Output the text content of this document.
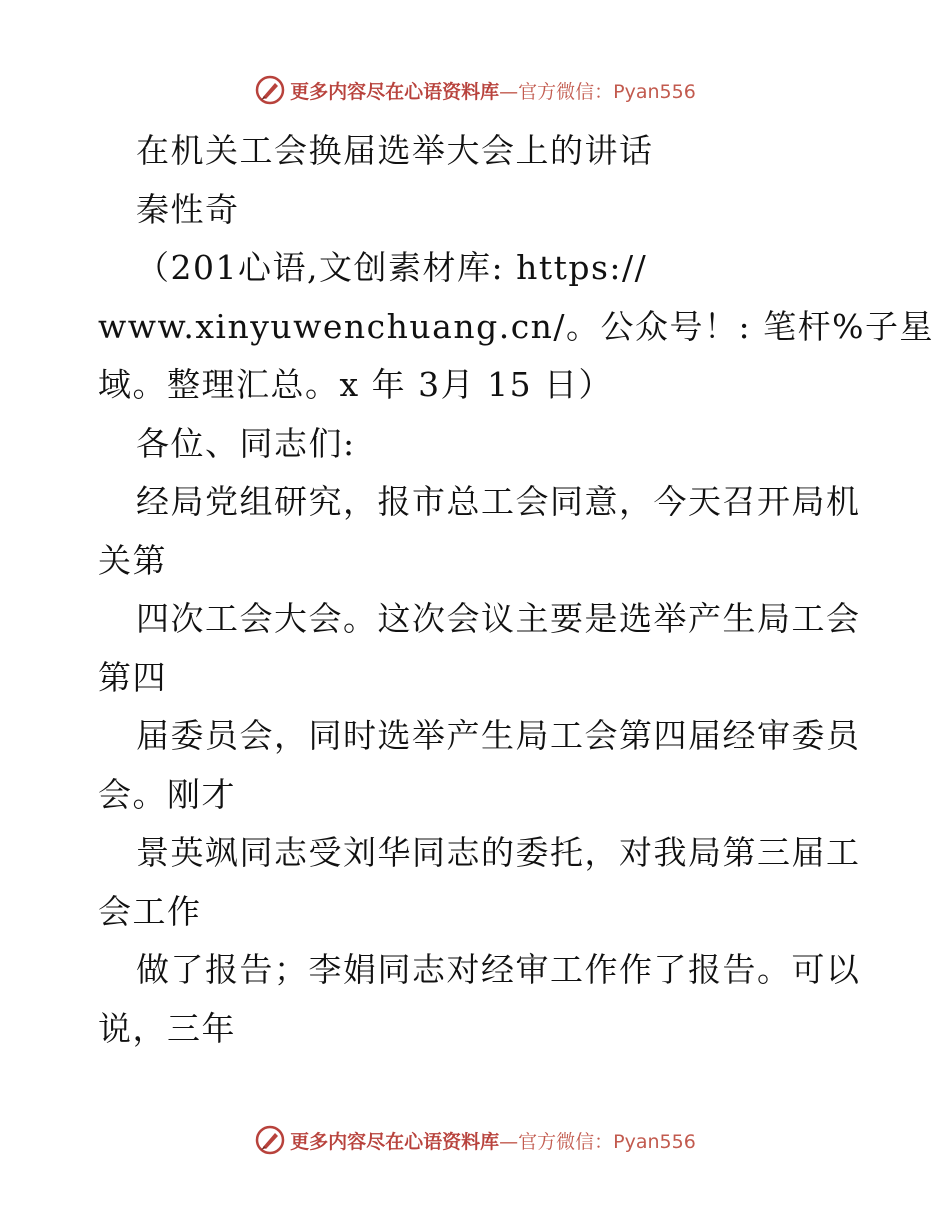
更多内容尽在心语资料库—官方微信：Pyan556
在机关工会换届选举大会上的讲话
秦性奇
（201心语,文创素材库: https://
www.xinyuwenchuang.cn/。公众号！: 笔杆%子星
域。整理汇总。x 年 3月 15 日）
各位、同志们:
经局党组研究，报市总工会同意，今天召开局机
关第
四次工会大会。这次会议主要是选举产生局工会
第四
届委员会，同时选举产生局工会第四届经审委员
会。刚才
景英飒同志受刘华同志的委托，对我局第三届工
会工作
做了报告；李娟同志对经审工作作了报告。可以
说，三年
更多内容尽在心语资料库—官方微信：Pyan556
